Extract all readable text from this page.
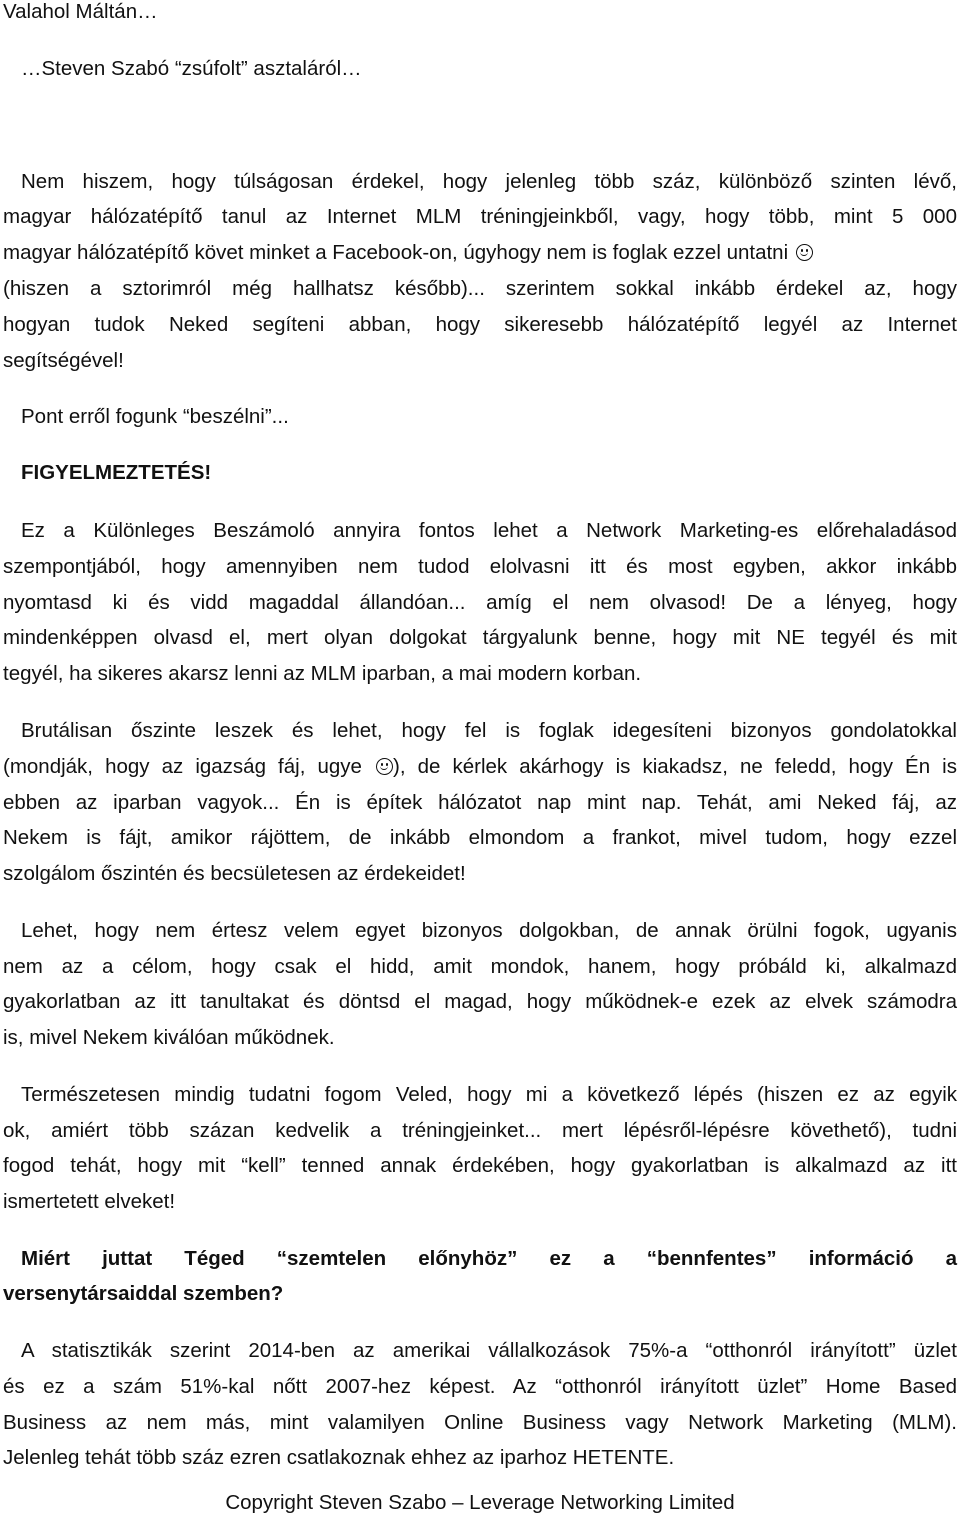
Valahol Máltán…
…Steven Szabó “zsúfolt” asztaláról…
Nem hiszem, hogy túlságosan érdekel, hogy jelenleg több száz, különböző szinten lévő,
magyar hálózatépítő tanul az Internet MLM tréningjeinkből, vagy, hogy több, mint 5 000
magyar hálózatépítő követ minket a Facebook-on, úgyhogy nem is foglak ezzel untatni
(hiszen a sztorimról még hallhatsz később)... szerintem sokkal inkább érdekel az, hogy
hogyan tudok Neked segíteni abban, hogy sikeresebb hálózatépítő legyél az Internet
segítségével!
Pont erről fogunk “beszélni”...
FIGYELMEZTETÉS!
Ez a Különleges Beszámoló annyira fontos lehet a Network Marketing-es előrehaladásod
szempontjából, hogy amennyiben nem tudod elolvasni itt és most egyben, akkor inkább
nyomtasd ki és vidd magaddal állandóan... amíg el nem olvasod! De a lényeg, hogy
mindenképpen olvasd el, mert olyan dolgokat tárgyalunk benne, hogy mit NE tegyél és mit
tegyél, ha sikeres akarsz lenni az MLM iparban, a mai modern korban.
Brutálisan őszinte leszek és lehet, hogy fel is foglak idegesíteni bizonyos gondolatokkal
(mondják, hogy az igazság fáj, ugye ), de kérlek akárhogy is kiakadsz, ne feledd, hogy Én is
ebben az iparban vagyok... Én is építek hálózatot nap mint nap. Tehát, ami Neked fáj, az
Nekem is fájt, amikor rájöttem, de inkább elmondom a frankot, mivel tudom, hogy ezzel
szolgálom őszintén és becsületesen az érdekeidet!
Lehet, hogy nem értesz velem egyet bizonyos dolgokban, de annak örülni fogok, ugyanis
nem az a célom, hogy csak el hidd, amit mondok, hanem, hogy próbáld ki, alkalmazd
gyakorlatban az itt tanultakat és döntsd el magad, hogy működnek-e ezek az elvek számodra
is, mivel Nekem kiválóan működnek.
Természetesen mindig tudatni fogom Veled, hogy mi a következő lépés (hiszen ez az egyik
ok, amiért több százan kedvelik a tréningjeinket... mert lépésről-lépésre követhető), tudni
fogod tehát, hogy mit “kell” tenned annak érdekében, hogy gyakorlatban is alkalmazd az itt
ismertetett elveket!
Miért juttat Téged “szemtelen előnyhöz” ez a “bennfentes” információ a
versenytársaiddal szemben?
A statisztikák szerint 2014-ben az amerikai vállalkozások 75%-a “otthonról irányított” üzlet
és ez a szám 51%-kal nőtt 2007-hez képest. Az “otthonról irányított üzlet” Home Based
Business az nem más, mint valamilyen Online Business vagy Network Marketing (MLM).
Jelenleg tehát több száz ezren csatlakoznak ehhez az iparhoz HETENTE.
Copyright Steven Szabo – Leverage Networking Limited
